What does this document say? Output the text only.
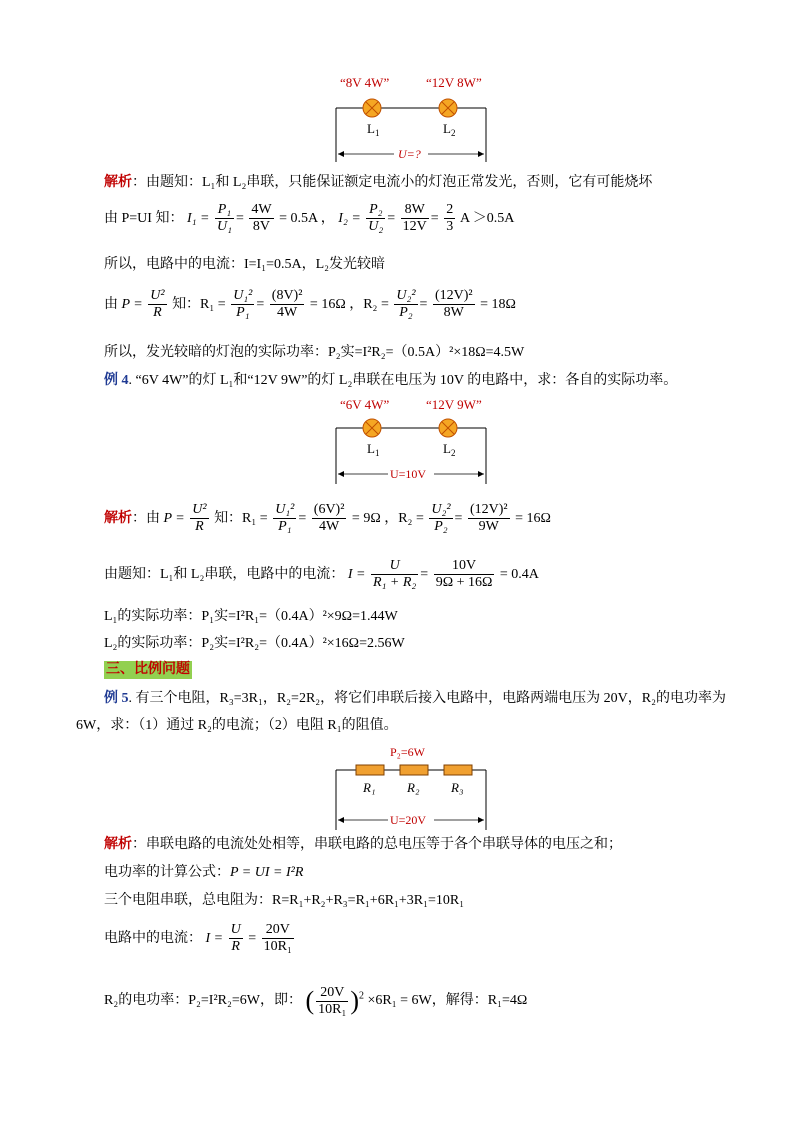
“8V 4W”	“12V 8W”
$L_1$	$L_2$
U=?
解析：由题知：L₁和 L₂串联，只能保证额定电流小的灯泡正常发光，否则，它有可能烧坏
由 P=UI 知： $I_1 = \frac{\text{P₁}}{\text{U₁}} = \frac{4W}{8V} = 0.5A$ ， $I_2 = \frac{\text{P₂}}{\text{U₂}} = \frac{8W}{12V} = \frac{2}{3}$ A ＞0.5A
所以，电路中的电流：I=I₁=0.5A，L₂发光较暗
由 $P = \frac{\text{U²}}{R}$ 知：$R_1 = \frac{\text{U₁²}}{\text{P₁}} = \frac{\text{(8V)²}}{4W} = 16\Omega$ ，$R_2 = \frac{\text{U₂²}}{\text{P₂}} = \frac{\text{(12V)²}}{8W} = 18\Omega$
所以，发光较暗的灯泡的实际功率：P₂实=I²R₂=（0.5A）²×18Ω=4.5W
例 4. “6V 4W”的灯 L₁和“12V 9W”的灯 L₂串联在电压为 10V 的电路中，求：各自的实际功率。
“6V 4W”	“12V 9W”
$L_1$	$L_2$
U=10V
解析：由 $P = \frac{\text{U²}}{R}$ 知：$R_1 = \frac{\text{U₁²}}{\text{P₁}} = \frac{\text{(6V)²}}{4W} = 9\Omega$ ，$R_2 = \frac{\text{U₂²}}{\text{P₂}} = \frac{\text{(12V)²}}{9W} = 16\Omega$
由题知：L₁和 L₂串联，电路中的电流： $I = \frac{U}{\text{R₁ + R₂}} = \frac{10V}{9\Omega + 16\Omega} = 0.4A$
L₁的实际功率：P₁实=I²R₁=（0.4A）²×9Ω=1.44W
L₂的实际功率：P₂实=I²R₂=（0.4A）²×16Ω=2.56W
三、比例问题
例 5. 有三个电阻，R₃=3R₁，R₂=2R₂，将它们串联后接入电路中，电路两端电压为 20V，R₂的电功率为
6W，求：（1）通过 R₂的电流；（2）电阻 R₁的阻值。
P₂=6W
R₁ R₂ R₃
U=20V
解析：串联电路的电流处处相等，串联电路的总电压等于各个串联导体的电压之和；
电功率的计算公式：P = UI = I²R
三个电阻串联，总电阻为：R=R₁+R₂+R₃=R₁+6R₁+3R₁=10R₁
电路中的电流： $I = \frac{U}{R} = \frac{20V}{\text{10R₁}}$
R₂的电功率：P₂=I²R₂=6W，即： ( $\frac{20V}{\text{10R₁}} )^2 \times 6R_1 = 6W$，解得：R₁=4Ω
